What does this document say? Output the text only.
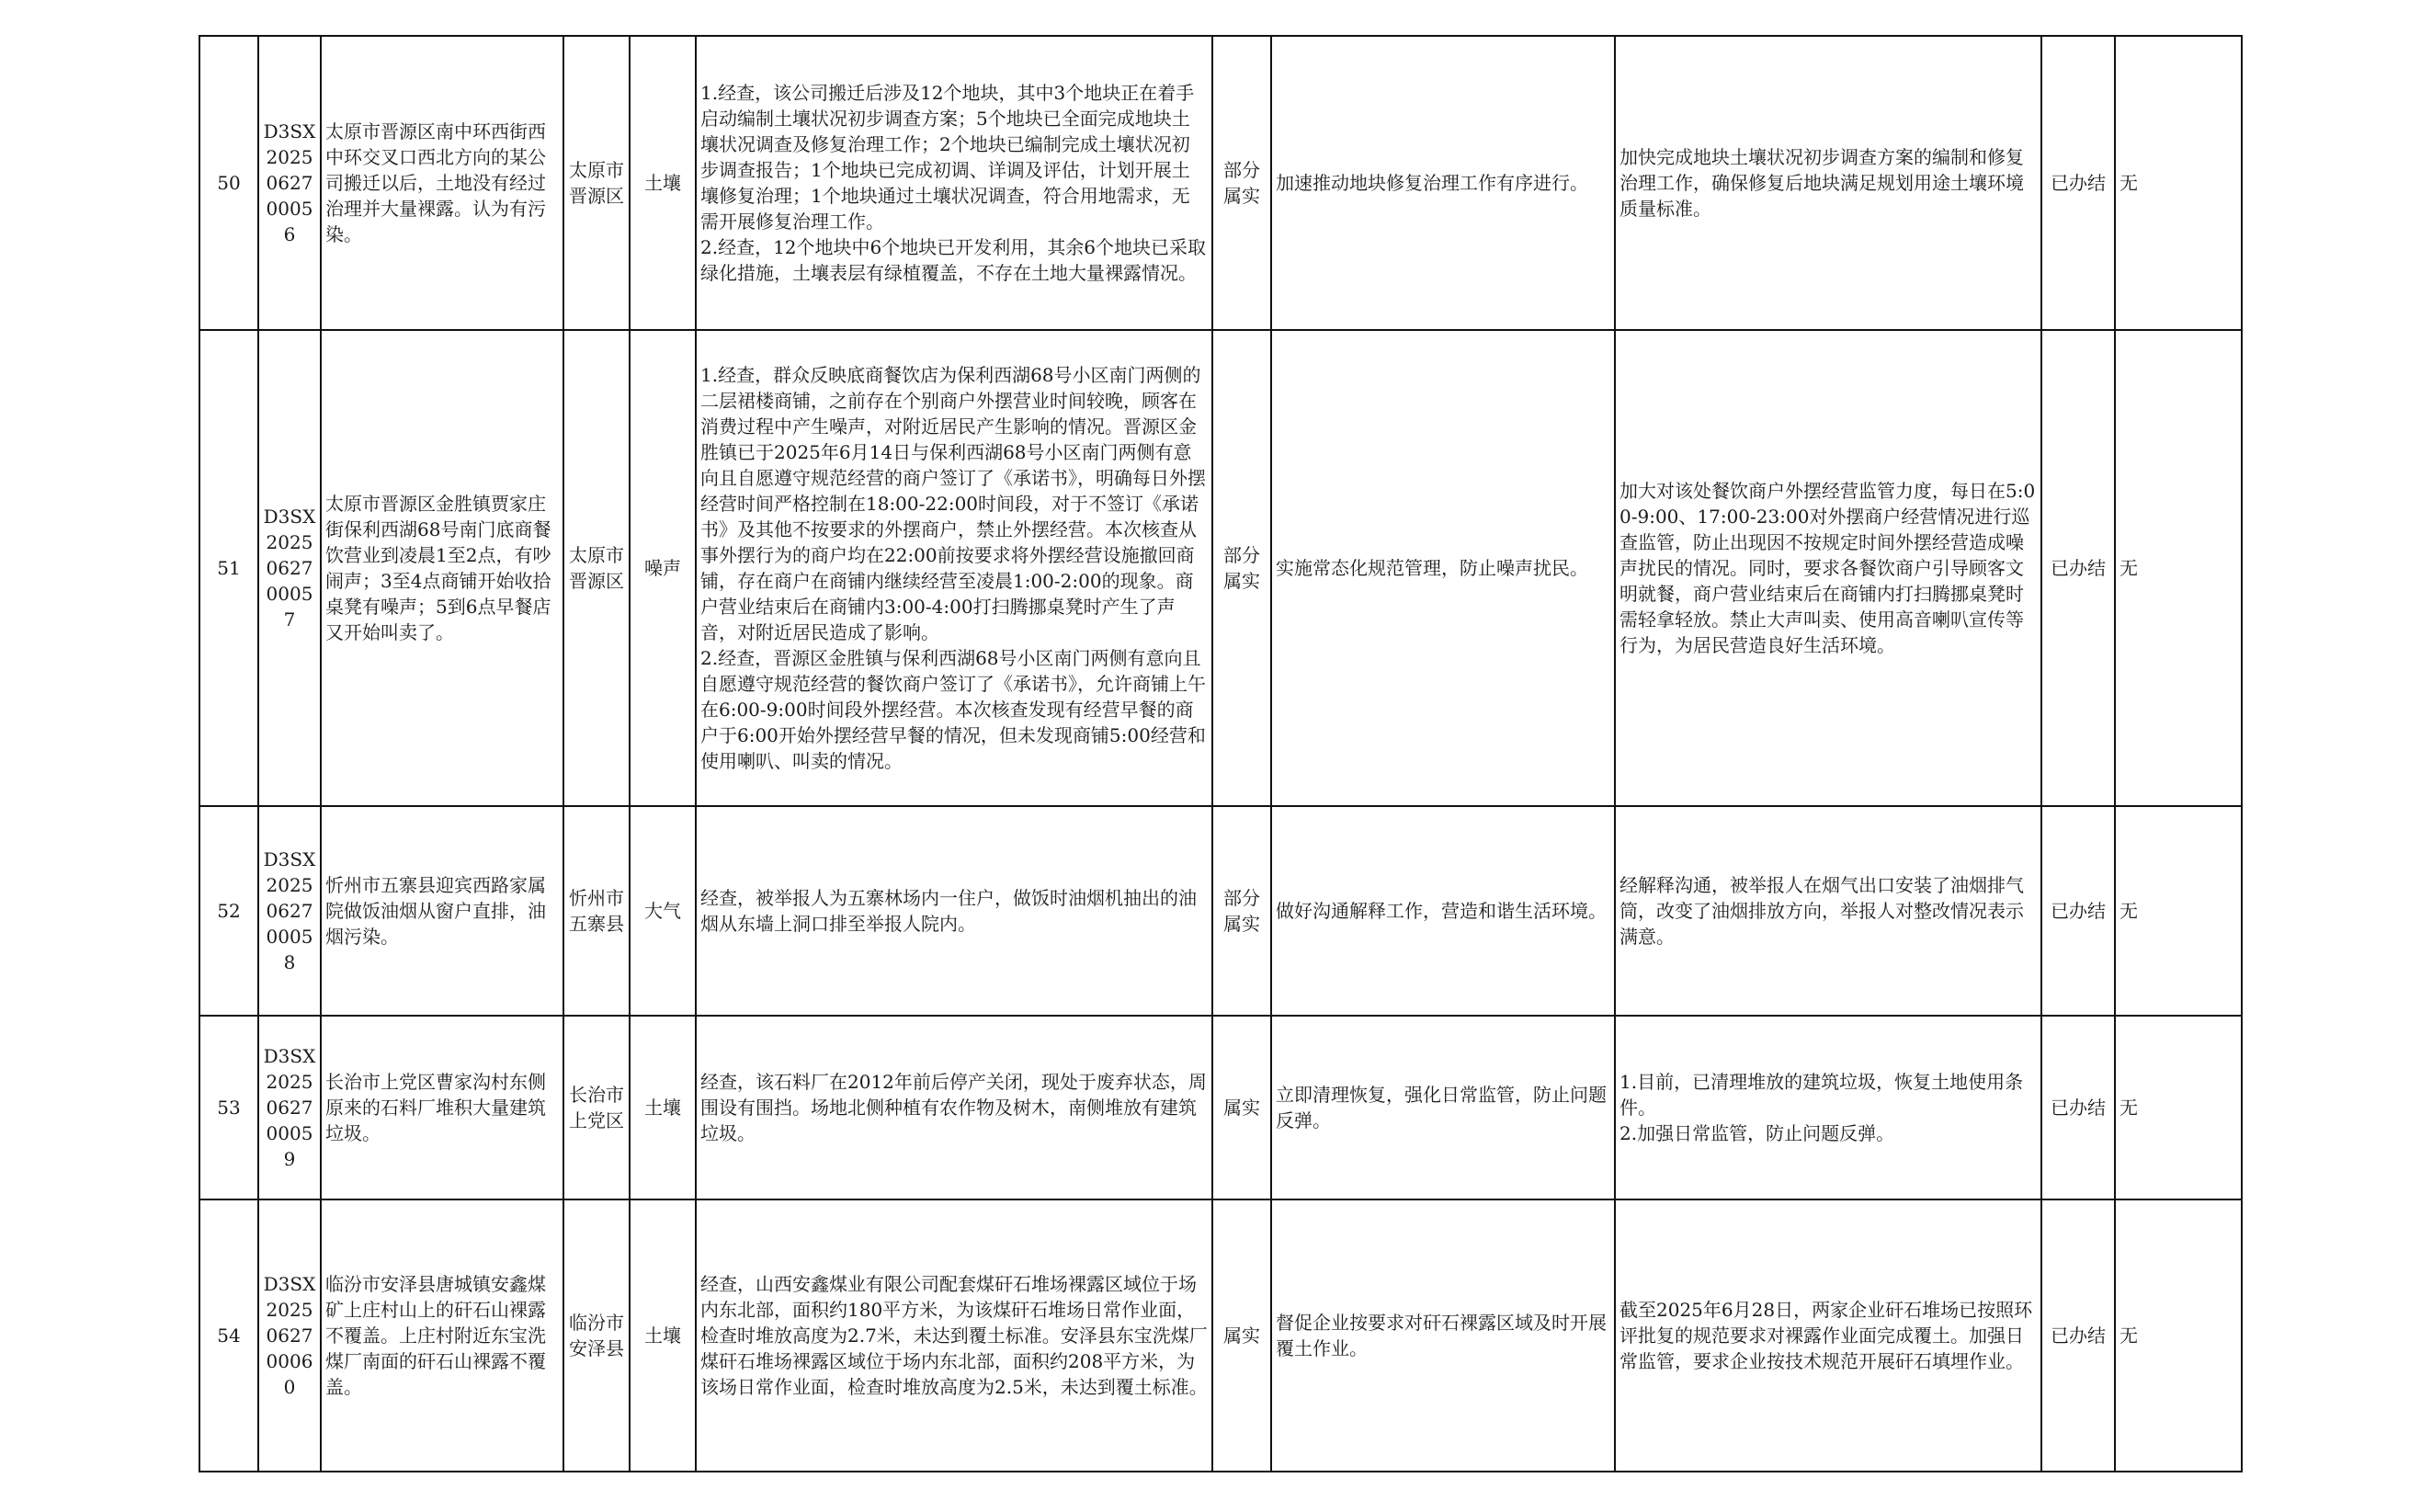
50	D3SX2025062700056	太原市晋源区南中环西街西中环交叉口西北方向的某公司搬迁以后，土地没有经过治理并大量裸露。认为有污染。	太原市晋源区	土壤	1.经查，该公司搬迁后涉及12个地块，其中3个地块正在着手启动编制土壤状况初步调查方案；5个地块已全面完成地块土壤状况调查及修复治理工作；2个地块已编制完成土壤状况初步调查报告；1个地块已完成初调、详调及评估，计划开展土壤修复治理；1个地块通过土壤状况调查，符合用地需求，无需开展修复治理工作。
2.经查，12个地块中6个地块已开发利用，其余6个地块已采取绿化措施，土壤表层有绿植覆盖，不存在土地大量裸露情况。	部分属实	加速推动地块修复治理工作有序进行。	加快完成地块土壤状况初步调查方案的编制和修复治理工作，确保修复后地块满足规划用途土壤环境质量标准。	已办结	无
51	D3SX2025062700057	太原市晋源区金胜镇贾家庄街保利西湖68号南门底商餐饮营业到凌晨1至2点，有吵闹声；3至4点商铺开始收拾桌凳有噪声；5到6点早餐店又开始叫卖了。	太原市晋源区	噪声	1.经查，群众反映底商餐饮店为保利西湖68号小区南门两侧的二层裙楼商铺，之前存在个别商户外摆营业时间较晚，顾客在消费过程中产生噪声，对附近居民产生影响的情况。晋源区金胜镇已于2025年6月14日与保利西湖68号小区南门两侧有意向且自愿遵守规范经营的商户签订了《承诺书》，明确每日外摆经营时间严格控制在18:00-22:00时间段，对于不签订《承诺书》及其他不按要求的外摆商户，禁止外摆经营。本次核查从事外摆行为的商户均在22:00前按要求将外摆经营设施撤回商铺，存在商户在商铺内继续经营至凌晨1:00-2:00的现象。商户营业结束后在商铺内3:00-4:00打扫腾挪桌凳时产生了声音，对附近居民造成了影响。
2.经查，晋源区金胜镇与保利西湖68号小区南门两侧有意向且自愿遵守规范经营的餐饮商户签订了《承诺书》，允许商铺上午在6:00-9:00时间段外摆经营。本次核查发现有经营早餐的商户于6:00开始外摆经营早餐的情况，但未发现商铺5:00经营和使用喇叭、叫卖的情况。	部分属实	实施常态化规范管理，防止噪声扰民。	加大对该处餐饮商户外摆经营监管力度，每日在5:00-9:00、17:00-23:00对外摆商户经营情况进行巡查监管，防止出现因不按规定时间外摆经营造成噪声扰民的情况。同时，要求各餐饮商户引导顾客文明就餐，商户营业结束后在商铺内打扫腾挪桌凳时需轻拿轻放。禁止大声叫卖、使用高音喇叭宣传等行为，为居民营造良好生活环境。	已办结	无
52	D3SX2025062700058	忻州市五寨县迎宾西路家属院做饭油烟从窗户直排，油烟污染。	忻州市五寨县	大气	经查，被举报人为五寨林场内一住户，做饭时油烟机抽出的油烟从东墙上洞口排至举报人院内。	部分属实	做好沟通解释工作，营造和谐生活环境。	经解释沟通，被举报人在烟气出口安装了油烟排气筒，改变了油烟排放方向，举报人对整改情况表示满意。	已办结	无
53	D3SX2025062700059	长治市上党区曹家沟村东侧原来的石料厂堆积大量建筑垃圾。	长治市上党区	土壤	经查，该石料厂在2012年前后停产关闭，现处于废弃状态，周围设有围挡。场地北侧种植有农作物及树木，南侧堆放有建筑垃圾。	属实	立即清理恢复，强化日常监管，防止问题反弹。	1.目前，已清理堆放的建筑垃圾，恢复土地使用条件。
2.加强日常监管，防止问题反弹。	已办结	无
54	D3SX2025062700060	临汾市安泽县唐城镇安鑫煤矿上庄村山上的矸石山裸露不覆盖。上庄村附近东宝洗煤厂南面的矸石山裸露不覆盖。	临汾市安泽县	土壤	经查，山西安鑫煤业有限公司配套煤矸石堆场裸露区域位于场内东北部，面积约180平方米，为该煤矸石堆场日常作业面，检查时堆放高度为2.7米，未达到覆土标准。安泽县东宝洗煤厂煤矸石堆场裸露区域位于场内东北部，面积约208平方米，为该场日常作业面，检查时堆放高度为2.5米，未达到覆土标准。	属实	督促企业按要求对矸石裸露区域及时开展覆土作业。	截至2025年6月28日，两家企业矸石堆场已按照环评批复的规范要求对裸露作业面完成覆土。加强日常监管，要求企业按技术规范开展矸石填埋作业。	已办结	无
